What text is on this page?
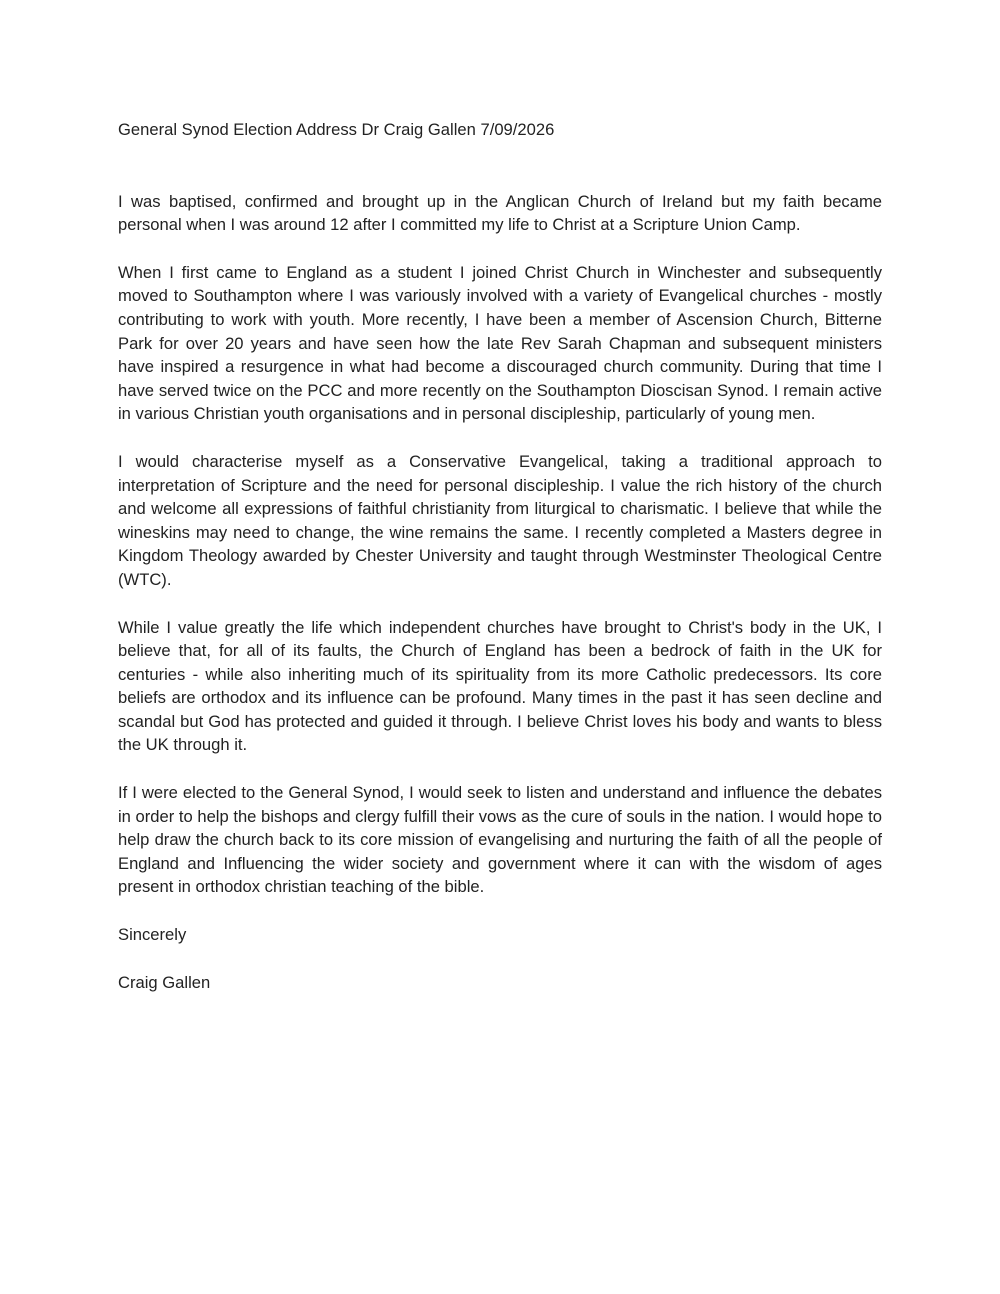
General Synod Election Address Dr Craig Gallen 7/09/2026

I was baptised, confirmed and brought up in the Anglican Church of Ireland but my faith became personal when I was around 12 after I committed my life to Christ at a Scripture Union Camp.

When I first came to England as a student I joined Christ Church in Winchester and subsequently moved to Southampton where I was variously involved with a variety of Evangelical churches - mostly contributing to work with youth. More recently, I have been a member of Ascension Church, Bitterne Park for over 20 years and have seen how the late Rev Sarah Chapman and subsequent ministers have inspired a resurgence in what had become a discouraged church community. During that time I have served twice on the PCC and more recently on the Southampton Dioscisan Synod. I remain active in various Christian youth organisations and in personal discipleship, particularly of young men.

I would characterise myself as a Conservative Evangelical, taking a traditional approach to interpretation of Scripture and the need for personal discipleship. I value the rich history of the church and welcome all expressions of faithful christianity from liturgical to charismatic. I believe that while the wineskins may need to change, the wine remains the same. I recently completed a Masters degree in Kingdom Theology awarded by Chester University and taught through Westminster Theological Centre (WTC).

While I value greatly the life which independent churches have brought to Christ's body in the UK, I believe that, for all of its faults, the Church of England has been a bedrock of faith in the UK for centuries - while also inheriting much of its spirituality from its more Catholic predecessors. Its core beliefs are orthodox and its influence can be profound. Many times in the past it has seen decline and scandal but God has protected and guided it through. I believe Christ loves his body and wants to bless the UK through it.

If I were elected to the General Synod, I would seek to listen and understand and influence the debates in order to help the bishops and clergy fulfill their vows as the cure of souls in the nation. I would hope to help draw the church back to its core mission of evangelising and nurturing the faith of all the people of England and Influencing the wider society and government where it can with the wisdom of ages present in orthodox christian teaching of the bible.

Sincerely

Craig Gallen
